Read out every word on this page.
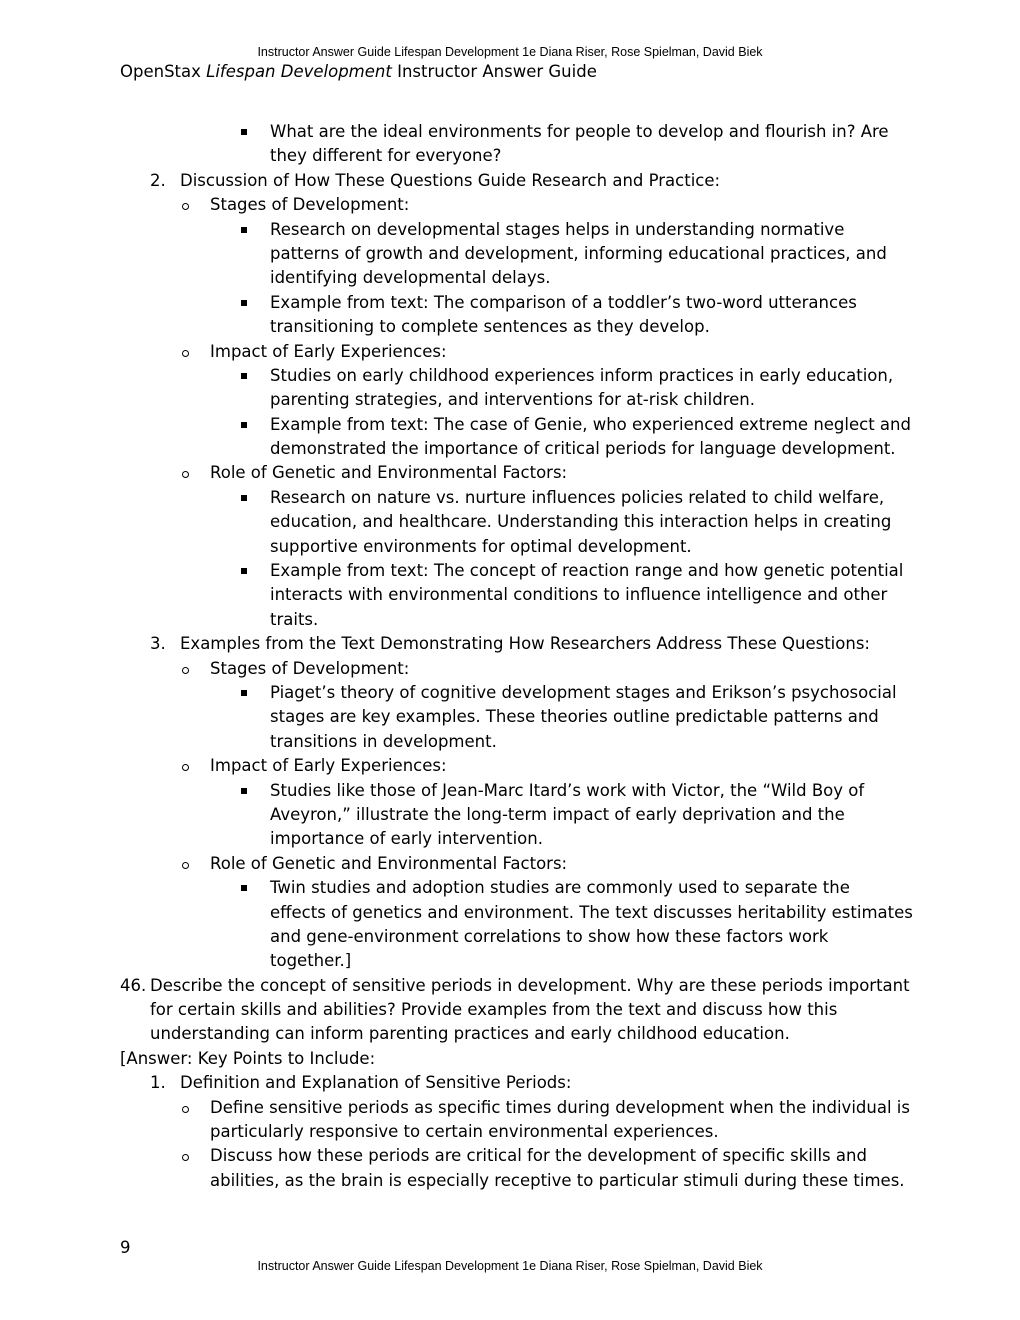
Instructor Answer Guide Lifespan Development 1e Diana Riser, Rose Spielman, David Biek
OpenStax Lifespan Development Instructor Answer Guide
What are the ideal environments for people to develop and flourish in? Are
they different for everyone?
2. Discussion of How These Questions Guide Research and Practice:
Stages of Development:
Research on developmental stages helps in understanding normative
patterns of growth and development, informing educational practices, and
identifying developmental delays.
Example from text: The comparison of a toddler’s two-word utterances
transitioning to complete sentences as they develop.
Impact of Early Experiences:
Studies on early childhood experiences inform practices in early education,
parenting strategies, and interventions for at-risk children.
Example from text: The case of Genie, who experienced extreme neglect and
demonstrated the importance of critical periods for language development.
Role of Genetic and Environmental Factors:
Research on nature vs. nurture influences policies related to child welfare,
education, and healthcare. Understanding this interaction helps in creating
supportive environments for optimal development.
Example from text: The concept of reaction range and how genetic potential
interacts with environmental conditions to influence intelligence and other
traits.
3. Examples from the Text Demonstrating How Researchers Address These Questions:
Stages of Development:
Piaget’s theory of cognitive development stages and Erikson’s psychosocial
stages are key examples. These theories outline predictable patterns and
transitions in development.
Impact of Early Experiences:
Studies like those of Jean-Marc Itard’s work with Victor, the “Wild Boy of
Aveyron,” illustrate the long-term impact of early deprivation and the
importance of early intervention.
Role of Genetic and Environmental Factors:
Twin studies and adoption studies are commonly used to separate the
effects of genetics and environment. The text discusses heritability estimates
and gene-environment correlations to show how these factors work
together.]
46. Describe the concept of sensitive periods in development. Why are these periods important
for certain skills and abilities? Provide examples from the text and discuss how this
understanding can inform parenting practices and early childhood education.
[Answer: Key Points to Include:
1. Definition and Explanation of Sensitive Periods:
Define sensitive periods as specific times during development when the individual is
particularly responsive to certain environmental experiences.
Discuss how these periods are critical for the development of specific skills and
abilities, as the brain is especially receptive to particular stimuli during these times.
9
Instructor Answer Guide Lifespan Development 1e Diana Riser, Rose Spielman, David Biek
